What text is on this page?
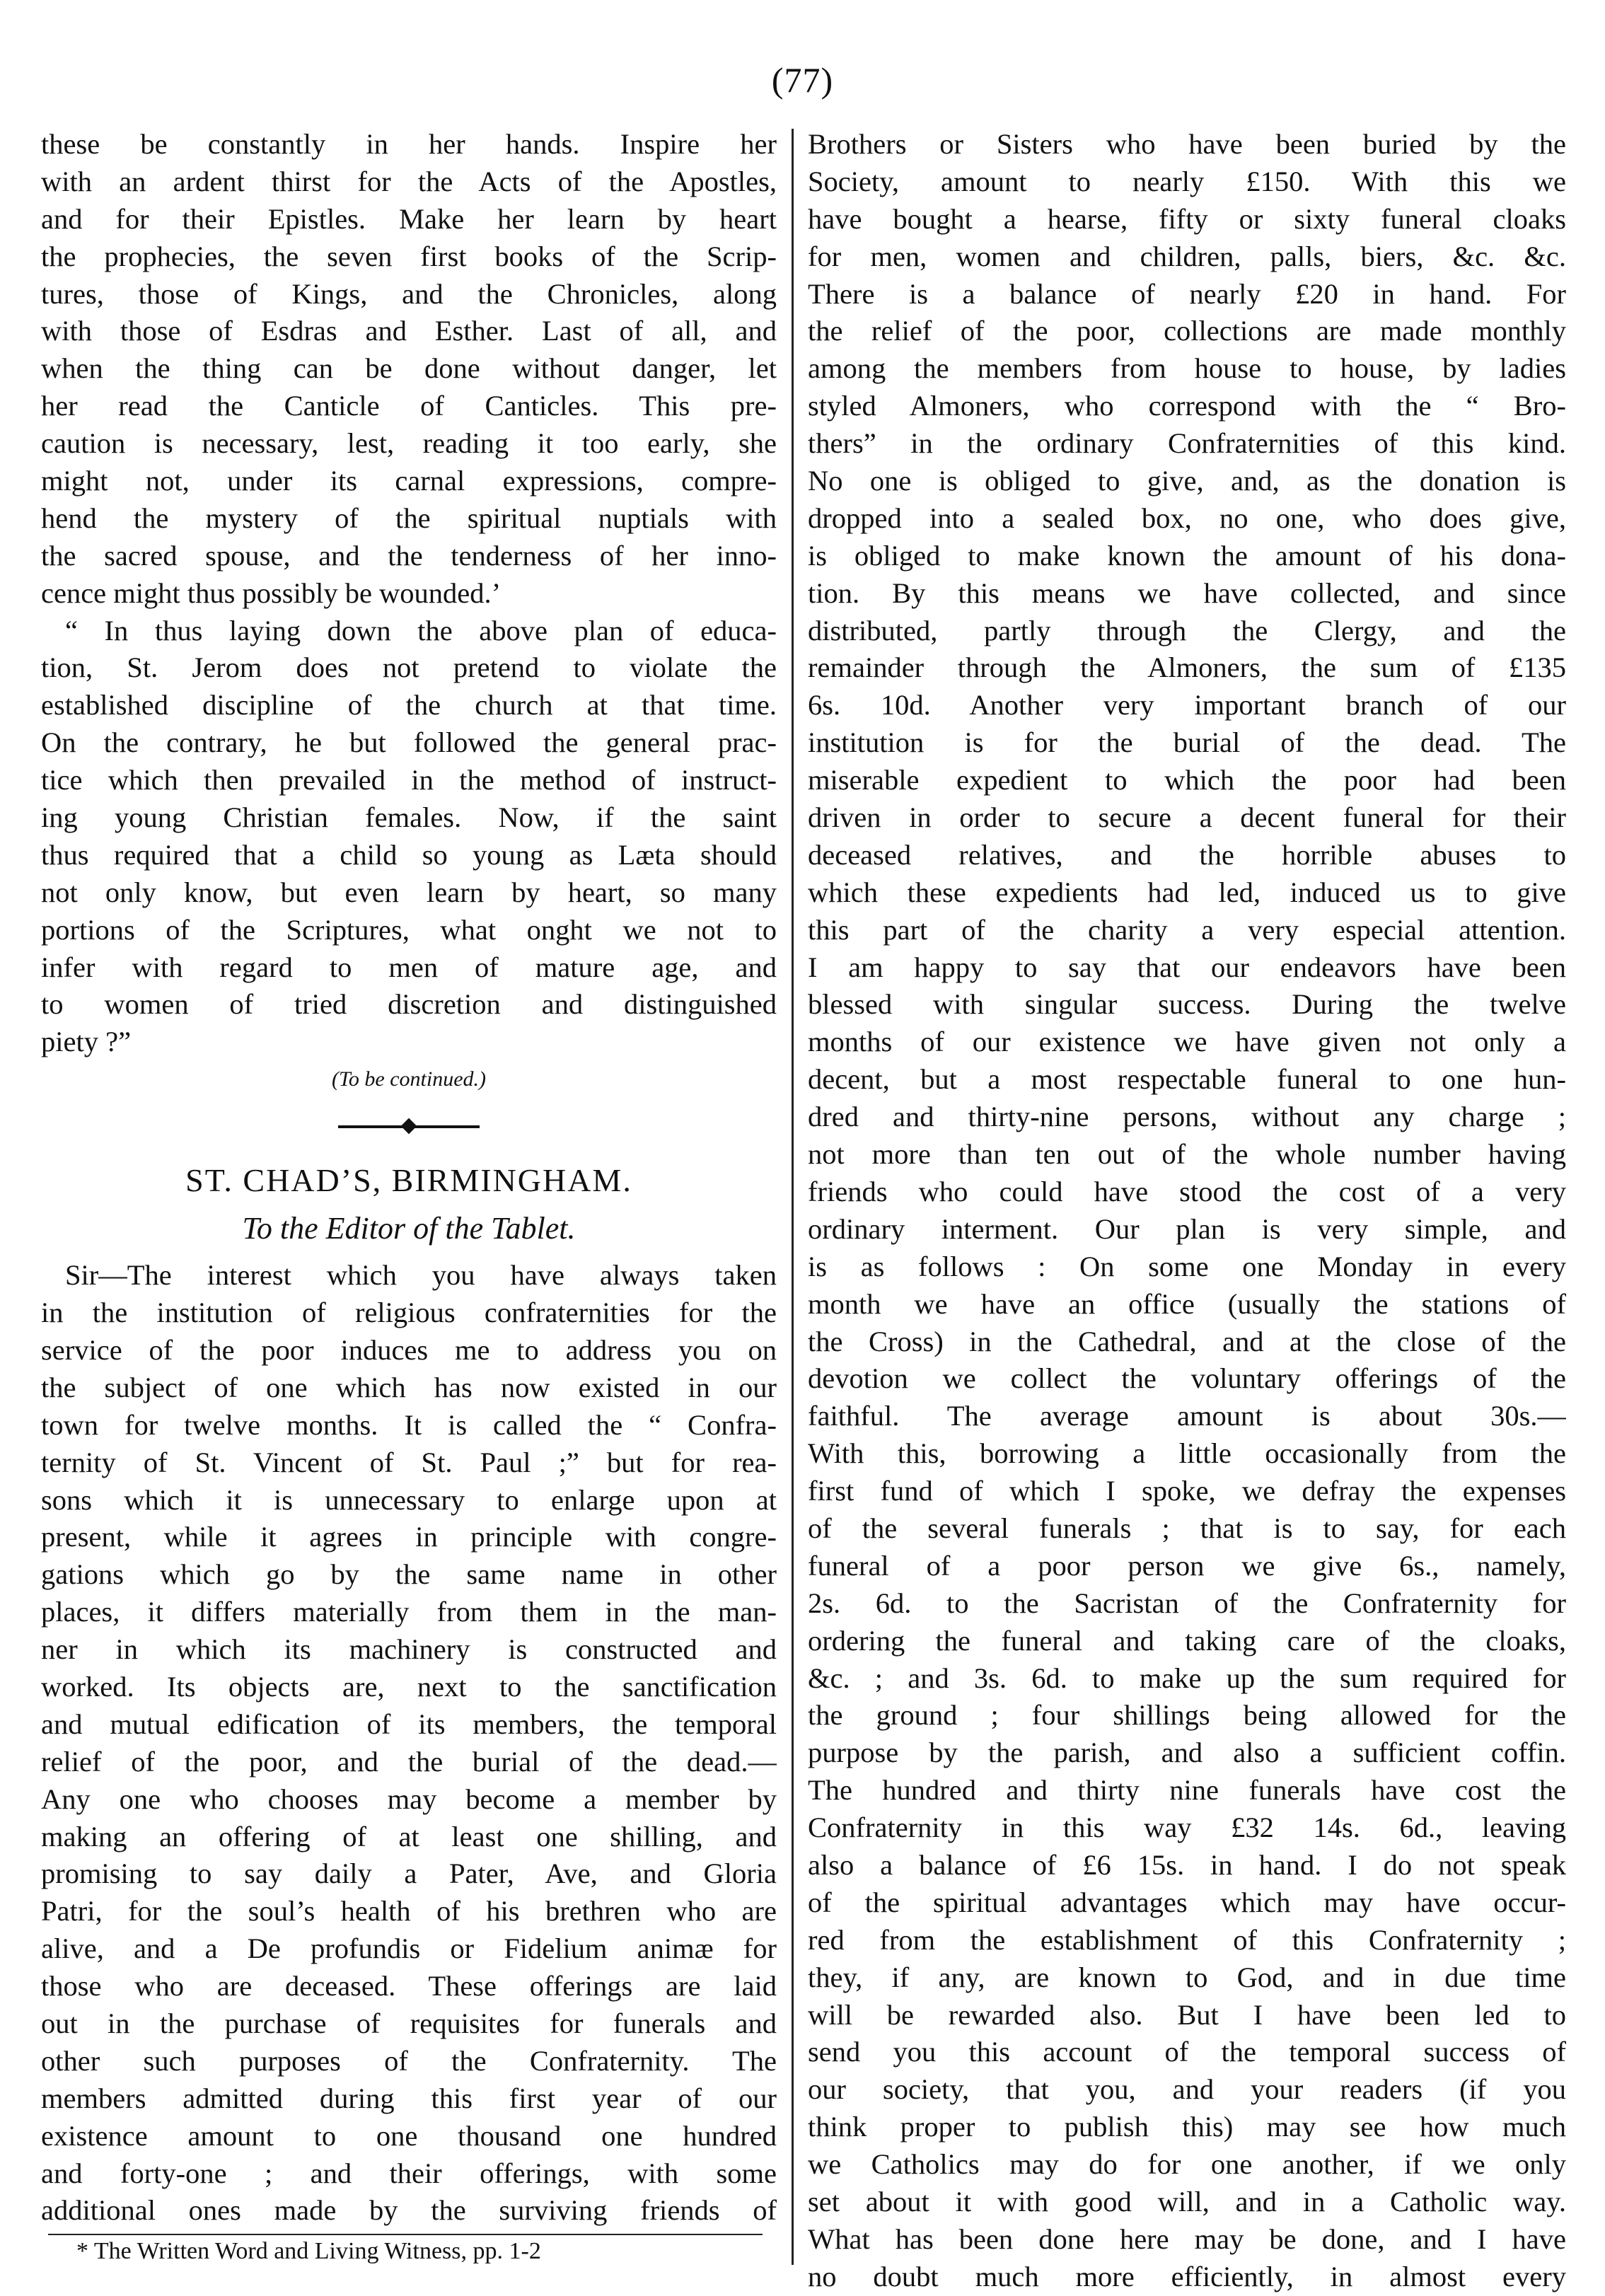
(77)
these be constantly in her hands. Inspire her
with an ardent thirst for the Acts of the Apostles,
and for their Epistles. Make her learn by heart
the prophecies, the seven first books of the Scrip-
tures, those of Kings, and the Chronicles, along
with those of Esdras and Esther. Last of all, and
when the thing can be done without danger, let
her read the Canticle of Canticles. This pre-
caution is necessary, lest, reading it too early, she
might not, under its carnal expressions, compre-
hend the mystery of the spiritual nuptials with
the sacred spouse, and the tenderness of her inno-
cence might thus possibly be wounded.’
“ In thus laying down the above plan of educa-
tion, St. Jerom does not pretend to violate the
established discipline of the church at that time.
On the contrary, he but followed the general prac-
tice which then prevailed in the method of instruct-
ing young Christian females. Now, if the saint
thus required that a child so young as Læta should
not only know, but even learn by heart, so many
portions of the Scriptures, what onght we not to
infer with regard to men of mature age, and
to women of tried discretion and distinguished
piety ?”
(To be continued.)
ST. CHAD’S, BIRMINGHAM.
To the Editor of the Tablet.
Sir—The interest which you have always taken
in the institution of religious confraternities for the
service of the poor induces me to address you on
the subject of one which has now existed in our
town for twelve months. It is called the “ Confra-
ternity of St. Vincent of St. Paul ;” but for rea-
sons which it is unnecessary to enlarge upon at
present, while it agrees in principle with congre-
gations which go by the same name in other
places, it differs materially from them in the man-
ner in which its machinery is constructed and
worked. Its objects are, next to the sanctification
and mutual edification of its members, the temporal
relief of the poor, and the burial of the dead.—
Any one who chooses may become a member by
making an offering of at least one shilling, and
promising to say daily a Pater, Ave, and Gloria
Patri, for the soul’s health of his brethren who are
alive, and a De profundis or Fidelium animæ for
those who are deceased. These offerings are laid
out in the purchase of requisites for funerals and
other such purposes of the Confraternity. The
members admitted during this first year of our
existence amount to one thousand one hundred
and forty-one ; and their offerings, with some
additional ones made by the surviving friends of
Brothers or Sisters who have been buried by the
Society, amount to nearly £150. With this we
have bought a hearse, fifty or sixty funeral cloaks
for men, women and children, palls, biers, &c. &c.
There is a balance of nearly £20 in hand. For
the relief of the poor, collections are made monthly
among the members from house to house, by ladies
styled Almoners, who correspond with the “ Bro-
thers” in the ordinary Confraternities of this kind.
No one is obliged to give, and, as the donation is
dropped into a sealed box, no one, who does give,
is obliged to make known the amount of his dona-
tion. By this means we have collected, and since
distributed, partly through the Clergy, and the
remainder through the Almoners, the sum of £135
6s. 10d. Another very important branch of our
institution is for the burial of the dead. The
miserable expedient to which the poor had been
driven in order to secure a decent funeral for their
deceased relatives, and the horrible abuses to
which these expedients had led, induced us to give
this part of the charity a very especial attention.
I am happy to say that our endeavors have been
blessed with singular success. During the twelve
months of our existence we have given not only a
decent, but a most respectable funeral to one hun-
dred and thirty-nine persons, without any charge ;
not more than ten out of the whole number having
friends who could have stood the cost of a very
ordinary interment. Our plan is very simple, and
is as follows : On some one Monday in every
month we have an office (usually the stations of
the Cross) in the Cathedral, and at the close of the
devotion we collect the voluntary offerings of the
faithful. The average amount is about 30s.—
With this, borrowing a little occasionally from the
first fund of which I spoke, we defray the expenses
of the several funerals ; that is to say, for each
funeral of a poor person we give 6s., namely,
2s. 6d. to the Sacristan of the Confraternity for
ordering the funeral and taking care of the cloaks,
&c. ; and 3s. 6d. to make up the sum required for
the ground ; four shillings being allowed for the
purpose by the parish, and also a sufficient coffin.
The hundred and thirty nine funerals have cost the
Confraternity in this way £32 14s. 6d., leaving
also a balance of £6 15s. in hand. I do not speak
of the spiritual advantages which may have occur-
red from the establishment of this Confraternity ;
they, if any, are known to God, and in due time
will be rewarded also. But I have been led to
send you this account of the temporal success of
our society, that you, and your readers (if you
think proper to publish this) may see how much
we Catholics may do for one another, if we only
set about it with good will, and in a Catholic way.
What has been done here may be done, and I have
no doubt much more efficiently, in almost every
* The Written Word and Living Witness, pp. 1-2
